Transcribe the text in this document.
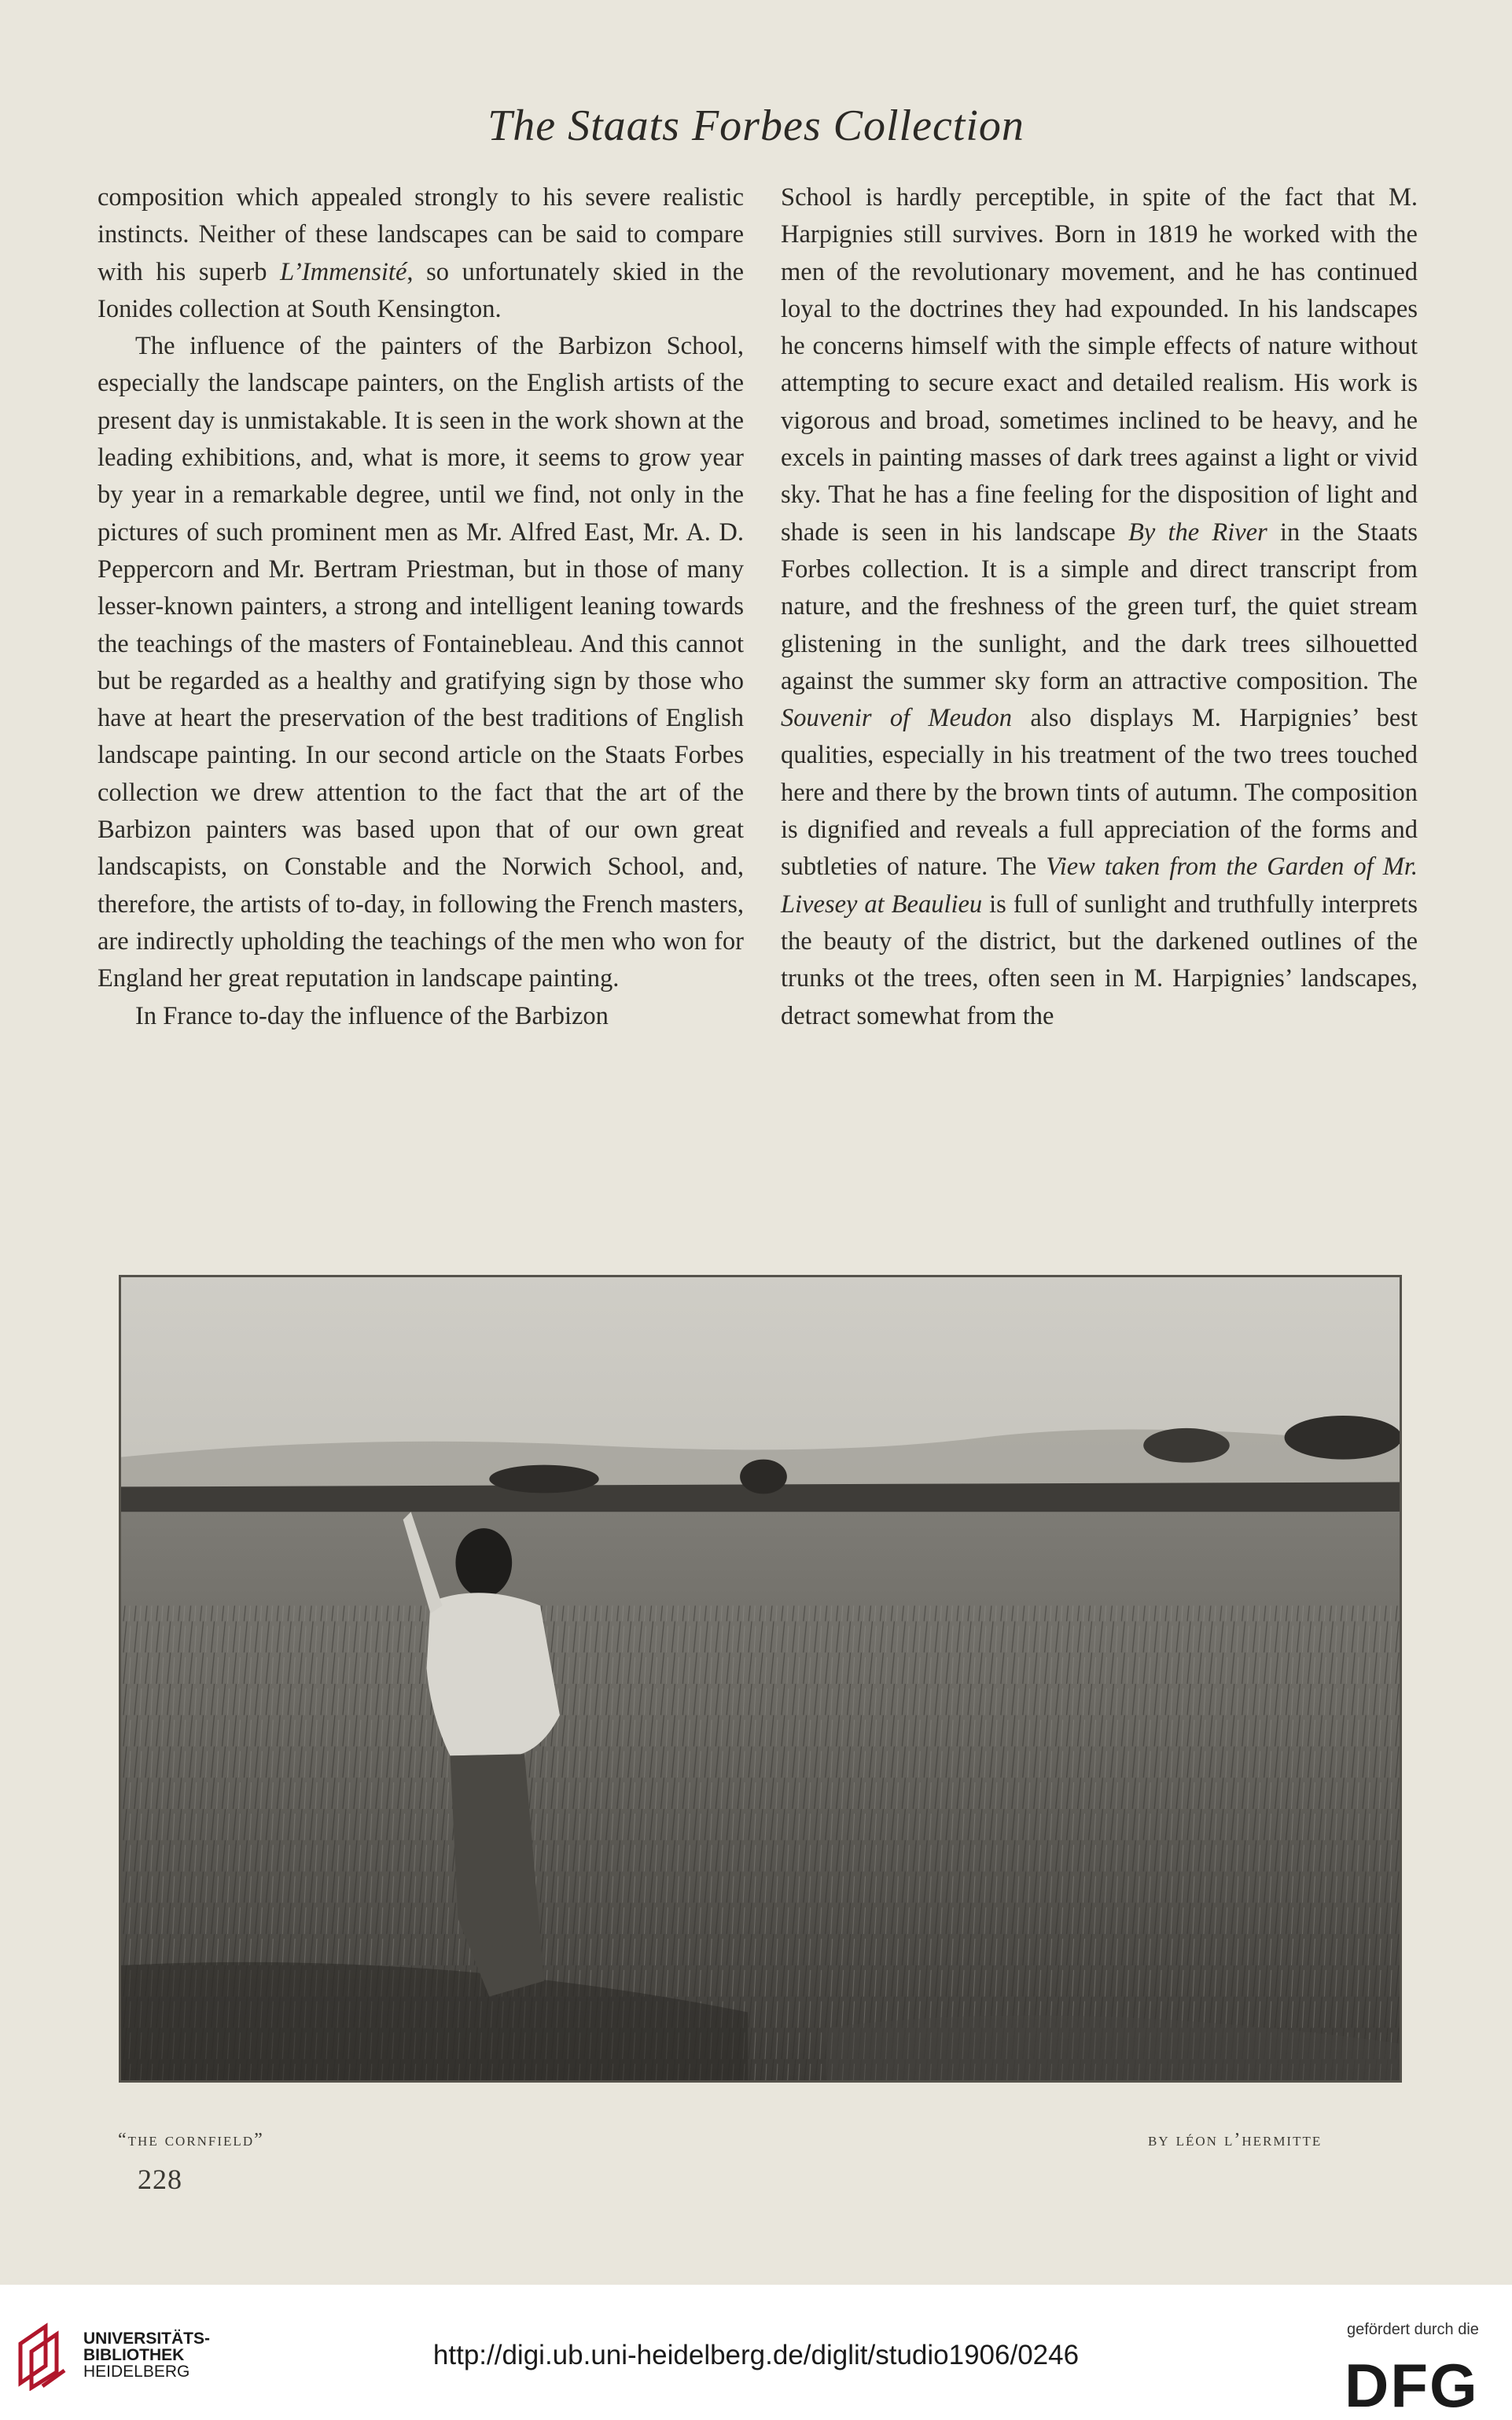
The Staats Forbes Collection

composition which appealed strongly to his severe realistic instincts. Neither of these landscapes can be said to compare with his superb L’Immensité, so unfortunately skied in the Ionides collection at South Kensington.

The influence of the painters of the Barbizon School, especially the landscape painters, on the English artists of the present day is unmistakable. It is seen in the work shown at the leading exhibitions, and, what is more, it seems to grow year by year in a remarkable degree, until we find, not only in the pictures of such prominent men as Mr. Alfred East, Mr. A. D. Peppercorn and Mr. Bertram Priestman, but in those of many lesser-known painters, a strong and intelligent leaning towards the teachings of the masters of Fontainebleau. And this cannot but be regarded as a healthy and gratifying sign by those who have at heart the preservation of the best traditions of English landscape painting. In our second article on the Staats Forbes collection we drew attention to the fact that the art of the Barbizon painters was based upon that of our own great landscapists, on Constable and the Norwich School, and, therefore, the artists of to-day, in following the French masters, are indirectly upholding the teachings of the men who won for England her great reputation in landscape painting.

In France to-day the influence of the Barbizon

School is hardly perceptible, in spite of the fact that M. Harpignies still survives. Born in 1819 he worked with the men of the revolutionary movement, and he has continued loyal to the doctrines they had expounded. In his landscapes he concerns himself with the simple effects of nature without attempting to secure exact and detailed realism. His work is vigorous and broad, sometimes inclined to be heavy, and he excels in painting masses of dark trees against a light or vivid sky. That he has a fine feeling for the disposition of light and shade is seen in his landscape By the River in the Staats Forbes collection. It is a simple and direct transcript from nature, and the freshness of the green turf, the quiet stream glistening in the sunlight, and the dark trees silhouetted against the summer sky form an attractive composition. The Souvenir of Meudon also displays M. Harpignies’ best qualities, especially in his treatment of the two trees touched here and there by the brown tints of autumn. The composition is dignified and reveals a full appreciation of the forms and subtleties of nature. The View taken from the Garden of Mr. Livesey at Beaulieu is full of sunlight and truthfully interprets the beauty of the district, but the darkened outlines of the trunks ot the trees, often seen in M. Harpignies’ landscapes, detract somewhat from the

“the cornfield”	by léon l’hermitte
228
UNIVERSITÄTS-
BIBLIOTHEK
HEIDELBERG
http://digi.ub.uni-heidelberg.de/diglit/studio1906/0246
gefördert durch die
DFG
